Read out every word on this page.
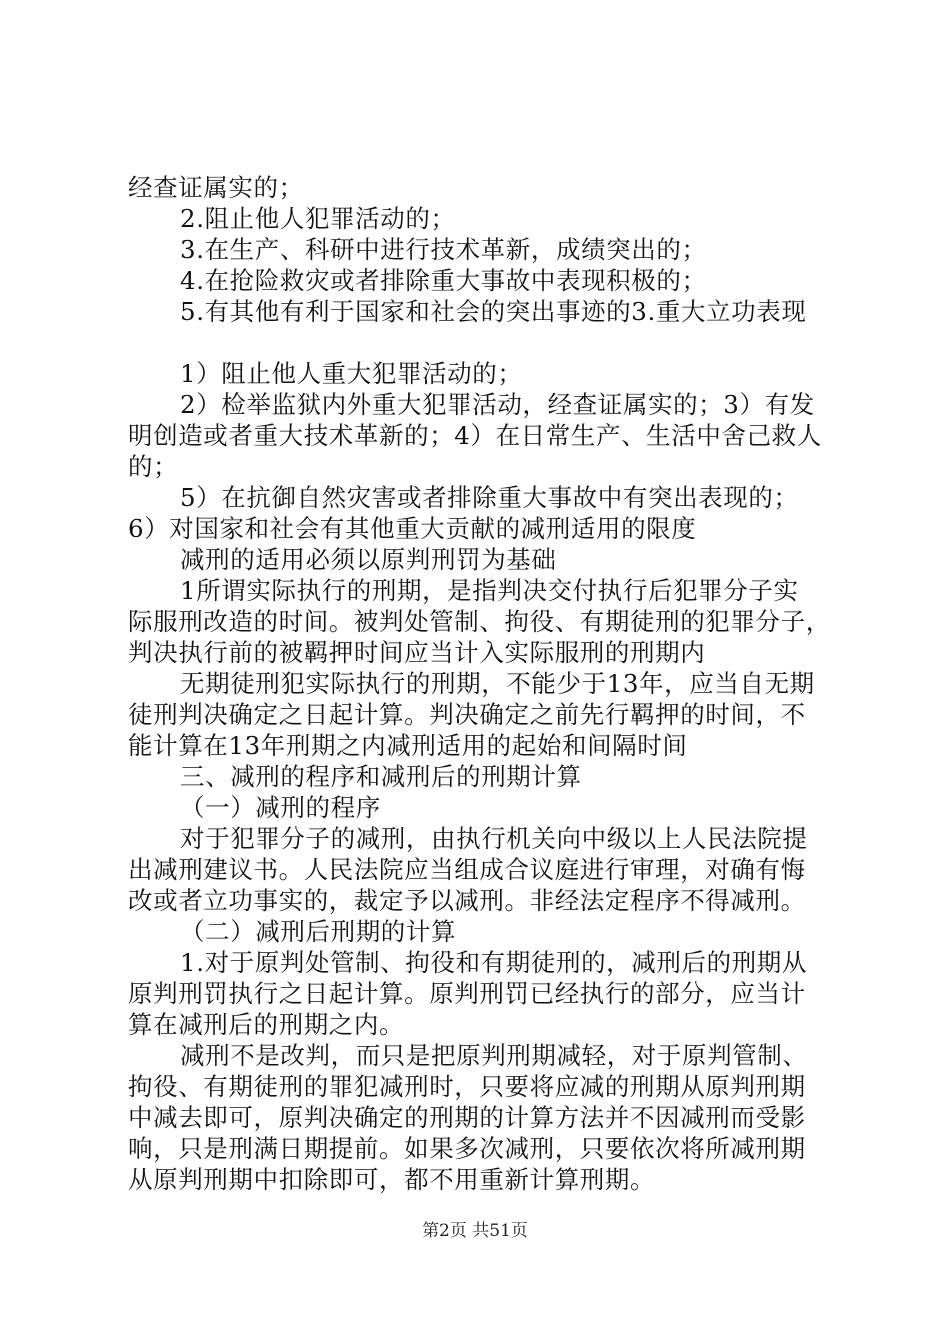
经查证属实的；
2.阻止他人犯罪活动的；
3.在生产、科研中进行技术革新，成绩突出的；
4.在抢险救灾或者排除重大事故中表现积极的；
5.有其他有利于国家和社会的突出事迹的3.重大立功表现
1）阻止他人重大犯罪活动的；
2）检举监狱内外重大犯罪活动，经查证属实的；3）有发
明创造或者重大技术革新的；4）在日常生产、生活中舍己救人
的；
5）在抗御自然灾害或者排除重大事故中有突出表现的；
6）对国家和社会有其他重大贡献的减刑适用的限度
减刑的适用必须以原判刑罚为基础
1所谓实际执行的刑期，是指判决交付执行后犯罪分子实
际服刑改造的时间。被判处管制、拘役、有期徒刑的犯罪分子，
判决执行前的被羁押时间应当计入实际服刑的刑期内
无期徒刑犯实际执行的刑期，不能少于13年，应当自无期
徒刑判决确定之日起计算。判决确定之前先行羁押的时间，不
能计算在13年刑期之内减刑适用的起始和间隔时间
三、减刑的程序和减刑后的刑期计算
（一）减刑的程序
对于犯罪分子的减刑，由执行机关向中级以上人民法院提
出减刑建议书。人民法院应当组成合议庭进行审理，对确有悔
改或者立功事实的，裁定予以减刑。非经法定程序不得减刑。
（二）减刑后刑期的计算
1.对于原判处管制、拘役和有期徒刑的，减刑后的刑期从
原判刑罚执行之日起计算。原判刑罚已经执行的部分，应当计
算在减刑后的刑期之内。
减刑不是改判，而只是把原判刑期减轻，对于原判管制、
拘役、有期徒刑的罪犯减刑时，只要将应减的刑期从原判刑期
中减去即可，原判决确定的刑期的计算方法并不因减刑而受影
响，只是刑满日期提前。如果多次减刑，只要依次将所减刑期
从原判刑期中扣除即可，都不用重新计算刑期。
第2页 共51页
